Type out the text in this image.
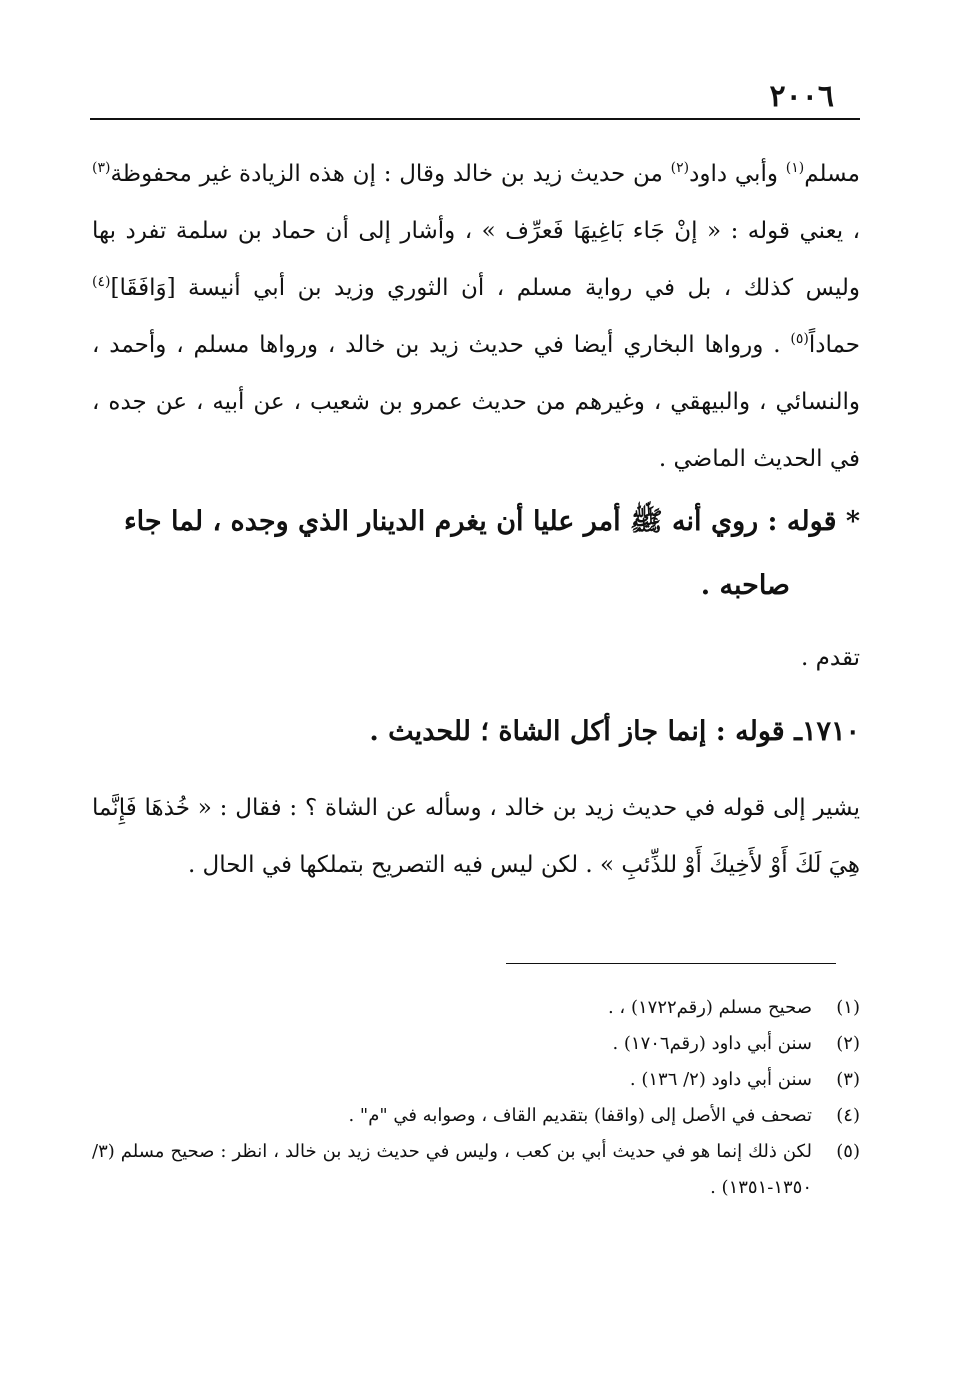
٢٠٠٦

مسلم$^{(١)}$ وأبي داود$^{(٢)}$ من حديث زيد بن خالد وقال : إن هذه الزيادة غير محفوظة$^{(٣)}$ ، يعني قوله : « إنْ جَاء بَاغِيهَا فَعرِّف » ، وأشار إلى أن حماد بن سلمة تفرد بها وليس كذلك ، بل في رواية مسلم ، أن الثوري وزيد بن أبي أنيسة [وَافَقَا]$^{(٤)}$ حماداً$^{(٥)}$ . ورواها البخاري أيضا في حديث زيد بن خالد ، ورواها مسلم ، وأحمد ، والنسائي ، والبيهقي ، وغيرهم من حديث عمرو بن شعيب ، عن أبيه ، عن جده ، في الحديث الماضي .

* قوله : روي أنه ﷺ أمر عليا أن يغرم الدينار الذي وجده ، لما جاء
صاحبه .

تقدم .

١٧١٠ـ قوله : إنما جاز أكل الشاة ؛ للحديث .

يشير إلى قوله في حديث زيد بن خالد ، وسأله عن الشاة ؟ : فقال : « خُذهَا فَإِنَّما هِيَ لَكَ أَوْ لأَخِيكَ أَوْ للذِّئبِ » . لكن ليس فيه التصريح بتملكها في الحال .

(١)
صحيح مسلم (رقم١٧٢٢) ، .
(٢)
سنن أبي داود (رقم١٧٠٦) .
(٣)
سنن أبي داود (٢/ ١٣٦) .
(٤)
تصحف في الأصل إلى (واقفا) بتقديم القاف ، وصوابه في "م" .
(٥)
لكن ذلك إنما هو في حديث أبي بن كعب ، وليس في حديث زيد بن خالد ، انظر : صحيح مسلم (٣/ ١٣٥٠-١٣٥١) .
